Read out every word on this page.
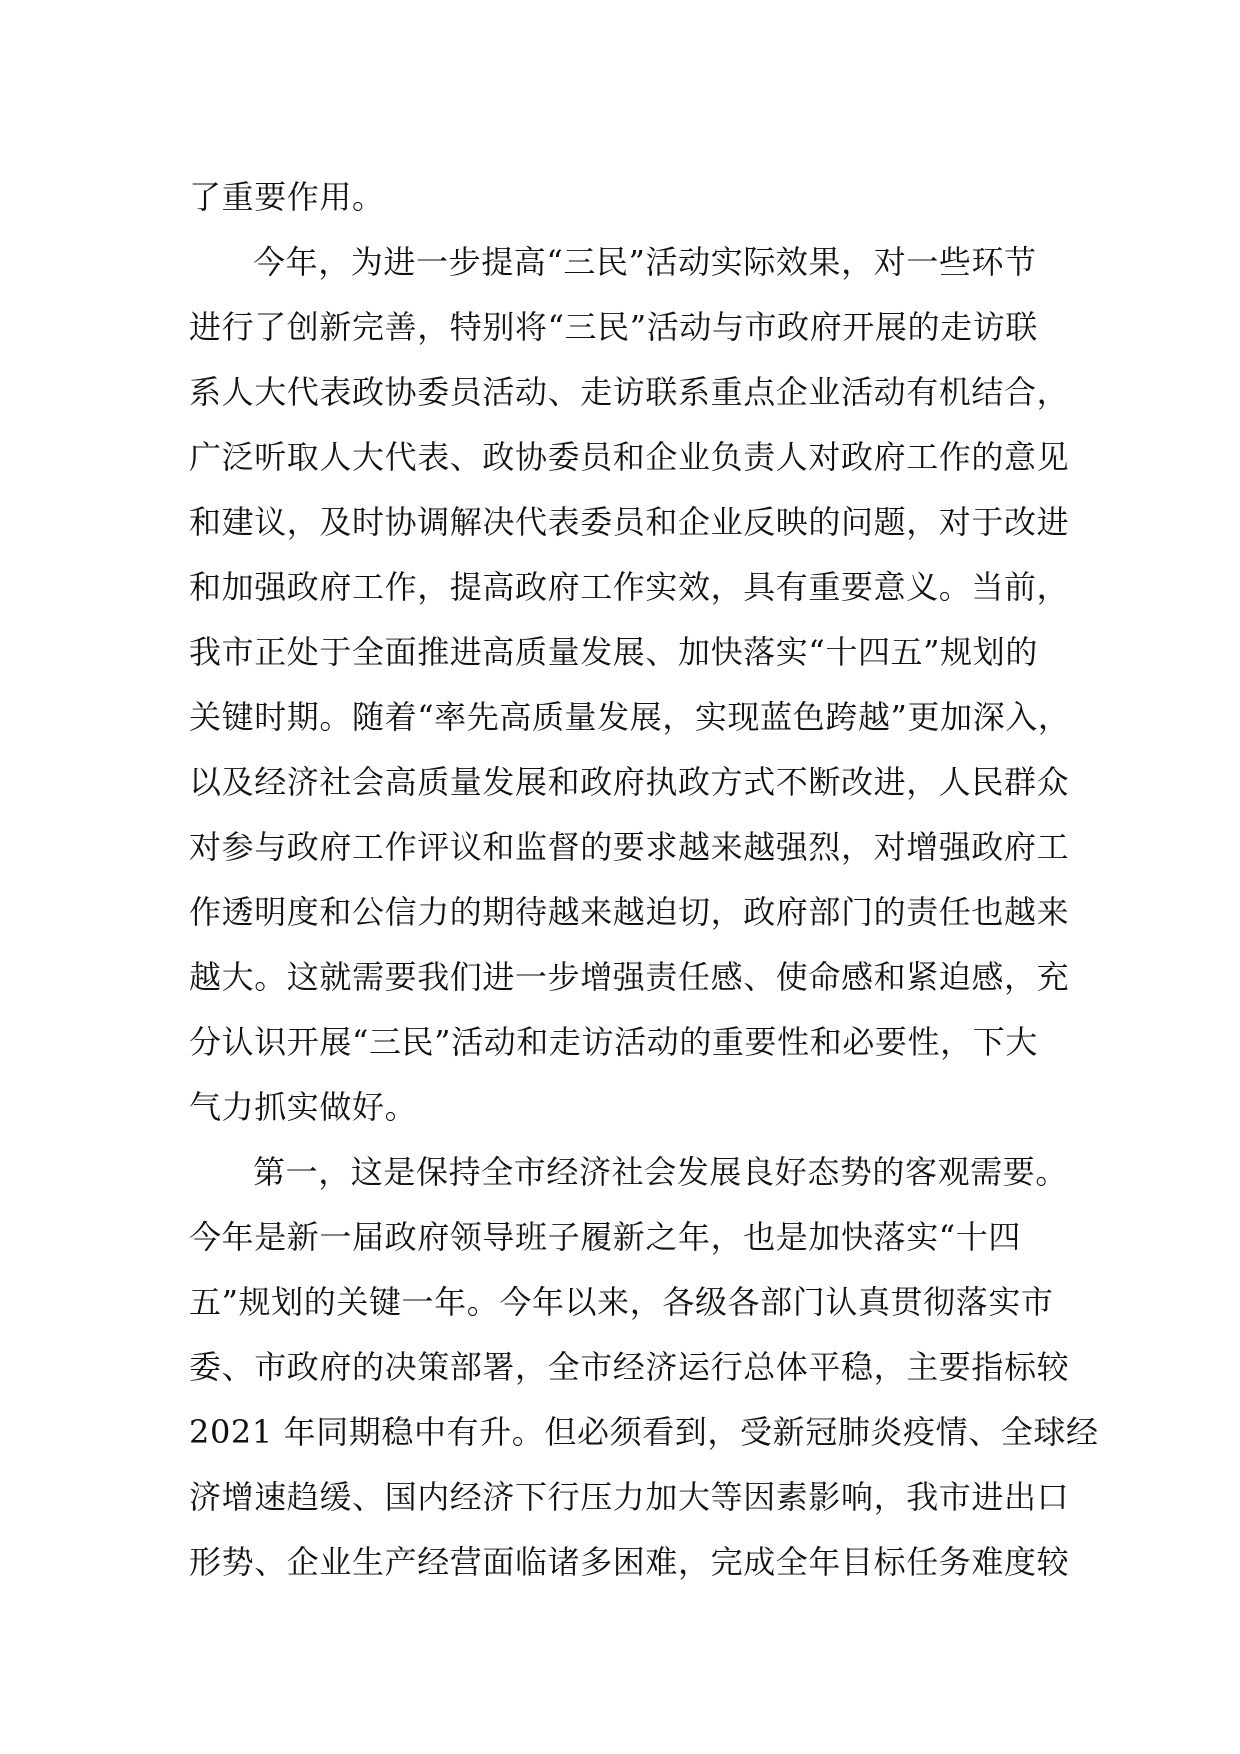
了重要作用。
今年，为进一步提高“三民”活动实际效果，对一些环节
进行了创新完善，特别将“三民”活动与市政府开展的走访联
系人大代表政协委员活动、走访联系重点企业活动有机结合，
广泛听取人大代表、政协委员和企业负责人对政府工作的意见
和建议，及时协调解决代表委员和企业反映的问题，对于改进
和加强政府工作，提高政府工作实效，具有重要意义。当前，
我市正处于全面推进高质量发展、加快落实“十四五”规划的
关键时期。随着“率先高质量发展，实现蓝色跨越”更加深入，
以及经济社会高质量发展和政府执政方式不断改进，人民群众
对参与政府工作评议和监督的要求越来越强烈，对增强政府工
作透明度和公信力的期待越来越迫切，政府部门的责任也越来
越大。这就需要我们进一步增强责任感、使命感和紧迫感，充
分认识开展“三民”活动和走访活动的重要性和必要性，下大
气力抓实做好。
第一，这是保持全市经济社会发展良好态势的客观需要。
今年是新一届政府领导班子履新之年，也是加快落实“十四
五”规划的关键一年。今年以来，各级各部门认真贯彻落实市
委、市政府的决策部署，全市经济运行总体平稳，主要指标较
2021 年同期稳中有升。但必须看到，受新冠肺炎疫情、全球经
济增速趋缓、国内经济下行压力加大等因素影响，我市进出口
形势、企业生产经营面临诸多困难，完成全年目标任务难度较
